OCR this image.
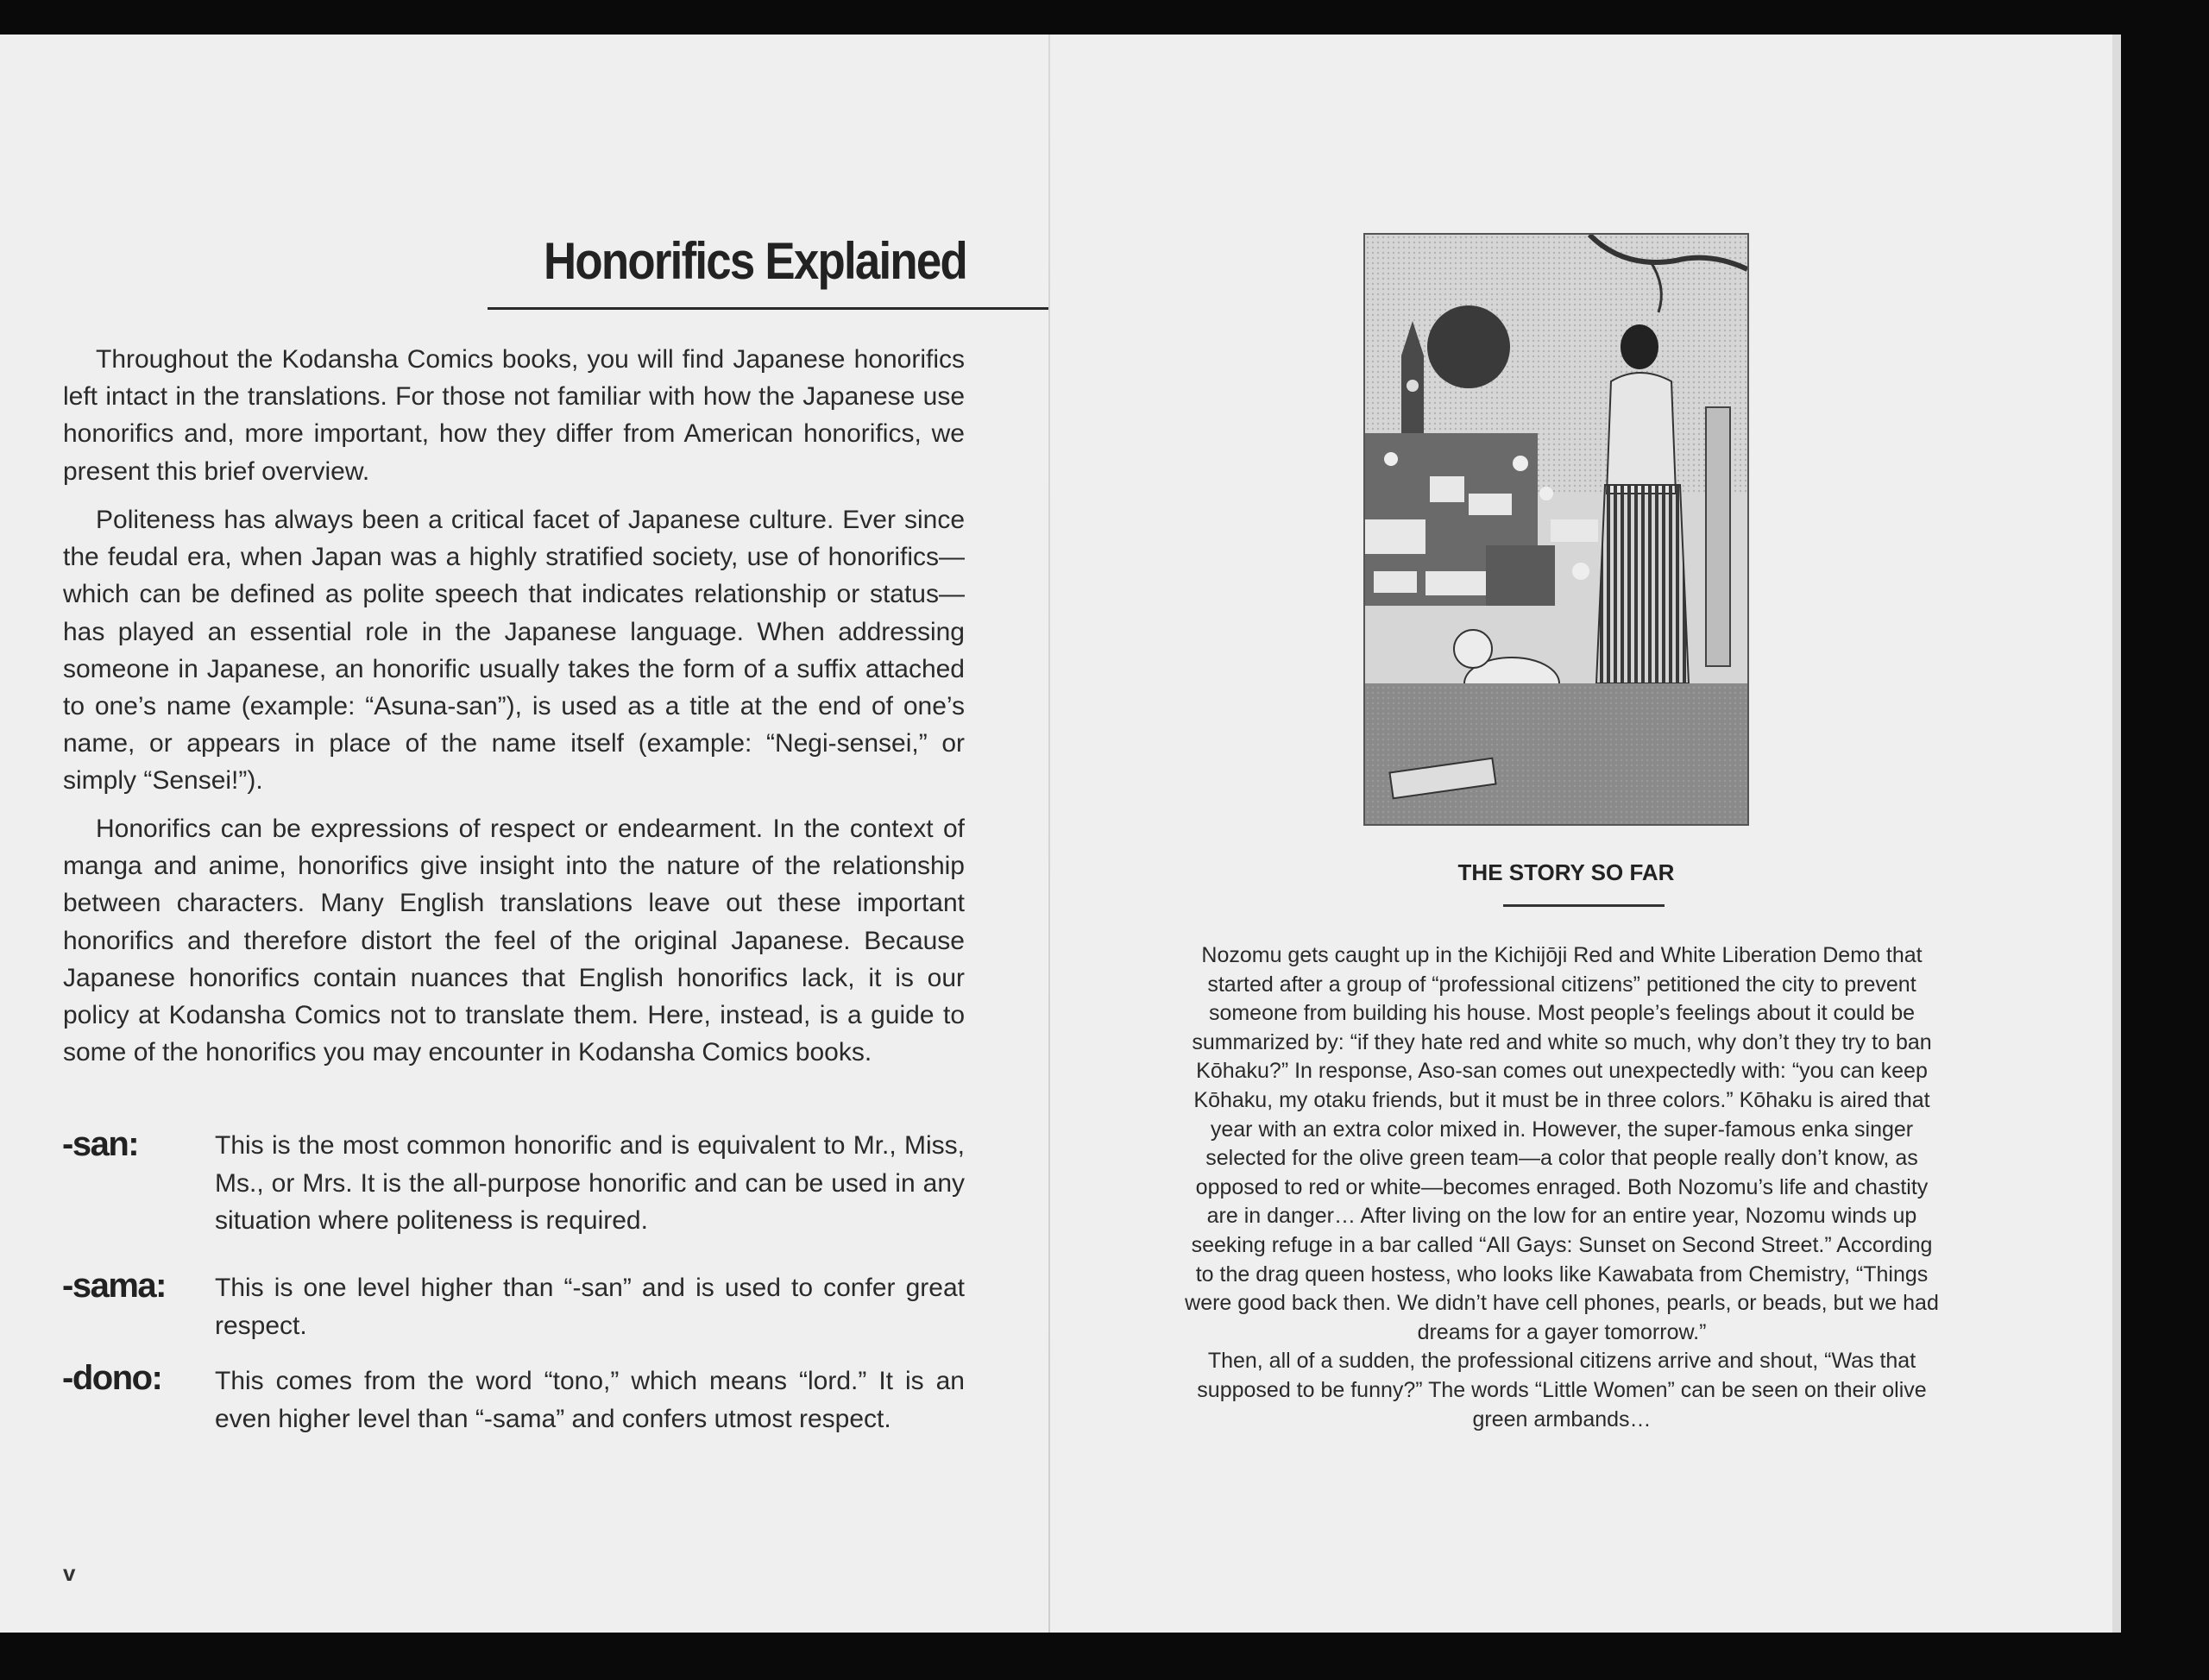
Honorifics Explained

Throughout the Kodansha Comics books, you will find Japanese honorifics left intact in the translations. For those not familiar with how the Japanese use honorifics and, more important, how they differ from American honorifics, we present this brief overview.

Politeness has always been a critical facet of Japanese culture. Ever since the feudal era, when Japan was a highly stratified society, use of honorifics—which can be defined as polite speech that indicates relationship or status—has played an essential role in the Japanese language. When addressing someone in Japanese, an honorific usually takes the form of a suffix attached to one’s name (example: “Asuna-san”), is used as a title at the end of one’s name, or appears in place of the name itself (example: “Negi-sensei,” or simply “Sensei!”).

Honorifics can be expressions of respect or endearment. In the context of manga and anime, honorifics give insight into the nature of the relationship between characters. Many English translations leave out these important honorifics and therefore distort the feel of the original Japanese. Because Japanese honorifics contain nuances that English honorifics lack, it is our policy at Kodansha Comics not to translate them. Here, instead, is a guide to some of the honorifics you may encounter in Kodansha Comics books.

-san:	This is the most common honorific and is equivalent to Mr., Miss, Ms., or Mrs. It is the all-purpose honorific and can be used in any situation where politeness is required.
-sama: This is one level higher than “-san” and is used to confer great respect.
-dono: This comes from the word “tono,” which means “lord.” It is an even higher level than “-sama” and confers utmost respect.
v
THE STORY SO FAR

Nozomu gets caught up in the Kichijōji Red and White Liberation Demo that started after a group of “professional citizens” petitioned the city to prevent someone from building his house. Most people’s feelings about it could be summarized by: “if they hate red and white so much, why don’t they try to ban Kōhaku?” In response, Aso-san comes out unexpectedly with: “you can keep Kōhaku, my otaku friends, but it must be in three colors.” Kōhaku is aired that year with an extra color mixed in. However, the super-famous enka singer selected for the olive green team—a color that people really don’t know, as opposed to red or white—becomes enraged. Both Nozomu’s life and chastity are in danger… After living on the low for an entire year, Nozomu winds up seeking refuge in a bar called “All Gays: Sunset on Second Street.” According to the drag queen hostess, who looks like Kawabata from Chemistry, “Things were good back then. We didn’t have cell phones, pearls, or beads, but we had dreams for a gayer tomorrow.”

Then, all of a sudden, the professional citizens arrive and shout, “Was that supposed to be funny?” The words “Little Women” can be seen on their olive green armbands…
